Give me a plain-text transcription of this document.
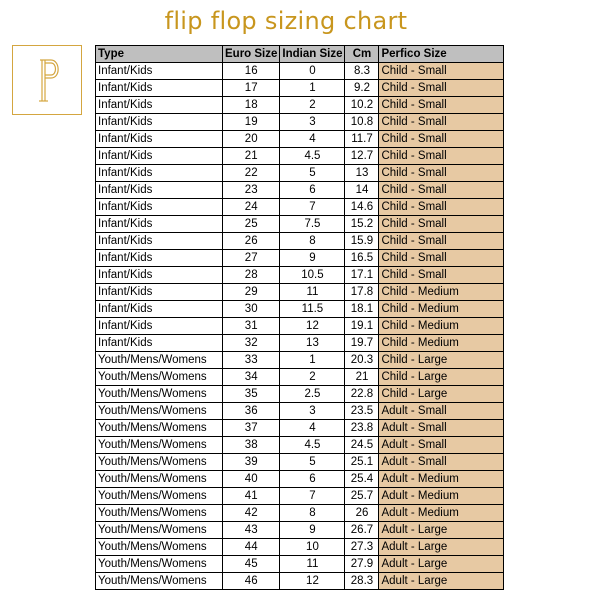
flip flop sizing chart
Type	Euro Size	Indian Size	Cm	Perfico Size
Infant/Kids	16	0	8.3	Child - Small
Infant/Kids	17	1	9.2	Child - Small
Infant/Kids	18	2	10.2	Child - Small
Infant/Kids	19	3	10.8	Child - Small
Infant/Kids	20	4	11.7	Child - Small
Infant/Kids	21	4.5	12.7	Child - Small
Infant/Kids	22	5	13	Child - Small
Infant/Kids	23	6	14	Child - Small
Infant/Kids	24	7	14.6	Child - Small
Infant/Kids	25	7.5	15.2	Child - Small
Infant/Kids	26	8	15.9	Child - Small
Infant/Kids	27	9	16.5	Child - Small
Infant/Kids	28	10.5	17.1	Child - Small
Infant/Kids	29	11	17.8	Child - Medium
Infant/Kids	30	11.5	18.1	Child - Medium
Infant/Kids	31	12	19.1	Child - Medium
Infant/Kids	32	13	19.7	Child - Medium
Youth/Mens/Womens	33	1	20.3	Child - Large
Youth/Mens/Womens	34	2	21	Child - Large
Youth/Mens/Womens	35	2.5	22.8	Child - Large
Youth/Mens/Womens	36	3	23.5	Adult - Small
Youth/Mens/Womens	37	4	23.8	Adult - Small
Youth/Mens/Womens	38	4.5	24.5	Adult - Small
Youth/Mens/Womens	39	5	25.1	Adult - Small
Youth/Mens/Womens	40	6	25.4	Adult - Medium
Youth/Mens/Womens	41	7	25.7	Adult - Medium
Youth/Mens/Womens	42	8	26	Adult - Medium
Youth/Mens/Womens	43	9	26.7	Adult - Large
Youth/Mens/Womens	44	10	27.3	Adult - Large
Youth/Mens/Womens	45	11	27.9	Adult - Large
Youth/Mens/Womens	46	12	28.3	Adult - Large
